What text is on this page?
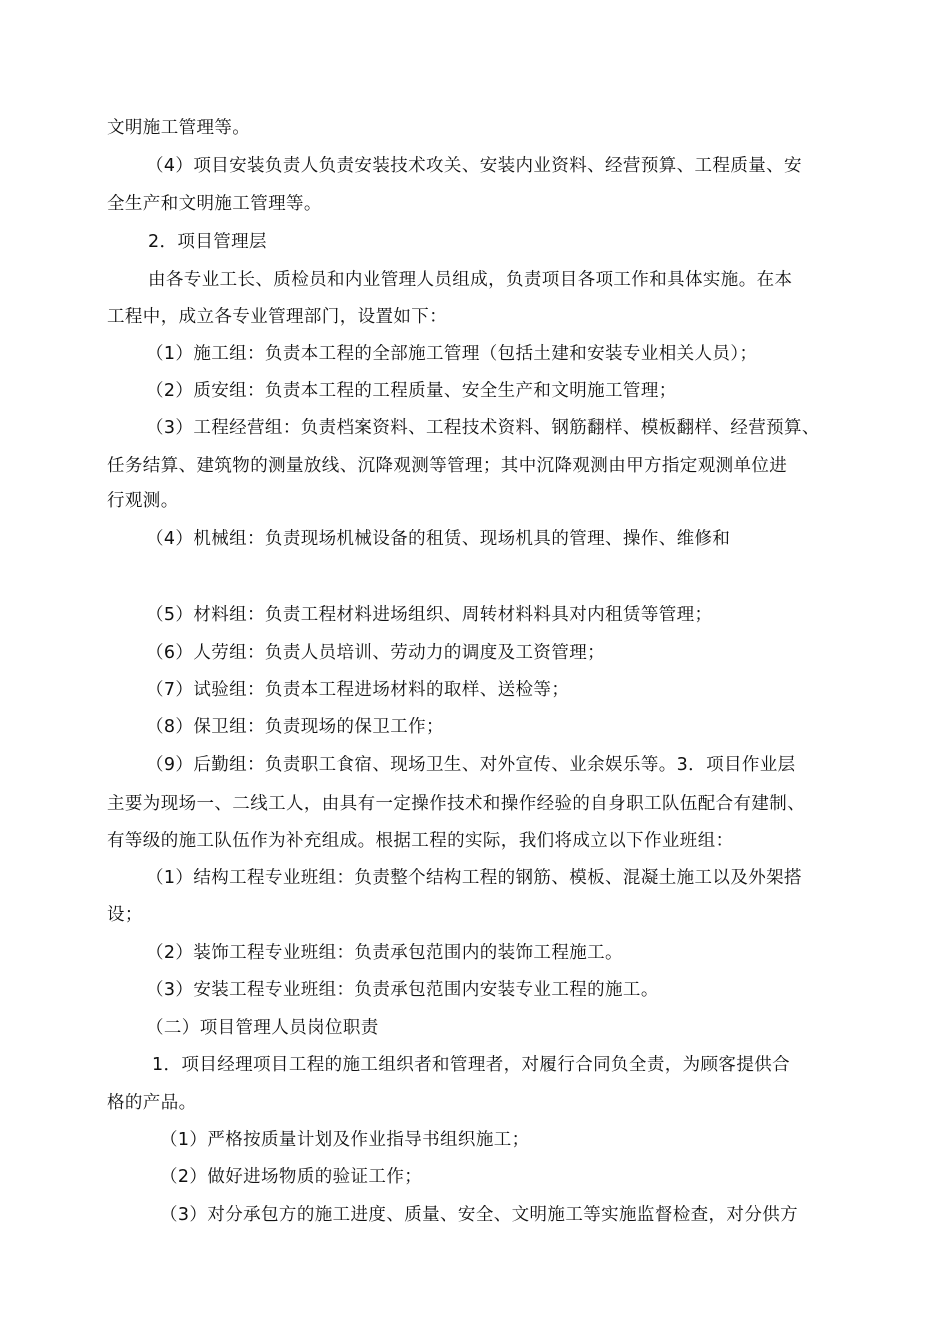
文明施工管理等。
（4）项目安装负责人负责安装技术攻关、安装内业资料、经营预算、工程质量、安
全生产和文明施工管理等。
2．项目管理层
由各专业工长、质检员和内业管理人员组成，负责项目各项工作和具体实施。在本
工程中，成立各专业管理部门，设置如下：
（1）施工组：负责本工程的全部施工管理（包括土建和安装专业相关人员）；
（2）质安组：负责本工程的工程质量、安全生产和文明施工管理；
（3）工程经营组：负责档案资料、工程技术资料、钢筋翻样、模板翻样、经营预算、
任务结算、建筑物的测量放线、沉降观测等管理；其中沉降观测由甲方指定观测单位进
行观测。
（4）机械组：负责现场机械设备的租赁、现场机具的管理、操作、维修和
（5）材料组：负责工程材料进场组织、周转材料料具对内租赁等管理；
（6）人劳组：负责人员培训、劳动力的调度及工资管理；
（7）试验组：负责本工程进场材料的取样、送检等；
（8）保卫组：负责现场的保卫工作；
（9）后勤组：负责职工食宿、现场卫生、对外宣传、业余娱乐等。3．项目作业层
主要为现场一、二线工人，由具有一定操作技术和操作经验的自身职工队伍配合有建制、
有等级的施工队伍作为补充组成。根据工程的实际，我们将成立以下作业班组：
（1）结构工程专业班组：负责整个结构工程的钢筋、模板、混凝土施工以及外架搭
设；
（2）装饰工程专业班组：负责承包范围内的装饰工程施工。
（3）安装工程专业班组：负责承包范围内安装专业工程的施工。
（二）项目管理人员岗位职责
1．项目经理项目工程的施工组织者和管理者，对履行合同负全责，为顾客提供合
格的产品。
（1）严格按质量计划及作业指导书组织施工；
（2）做好进场物质的验证工作；
（3）对分承包方的施工进度、质量、安全、文明施工等实施监督检查，对分供方
